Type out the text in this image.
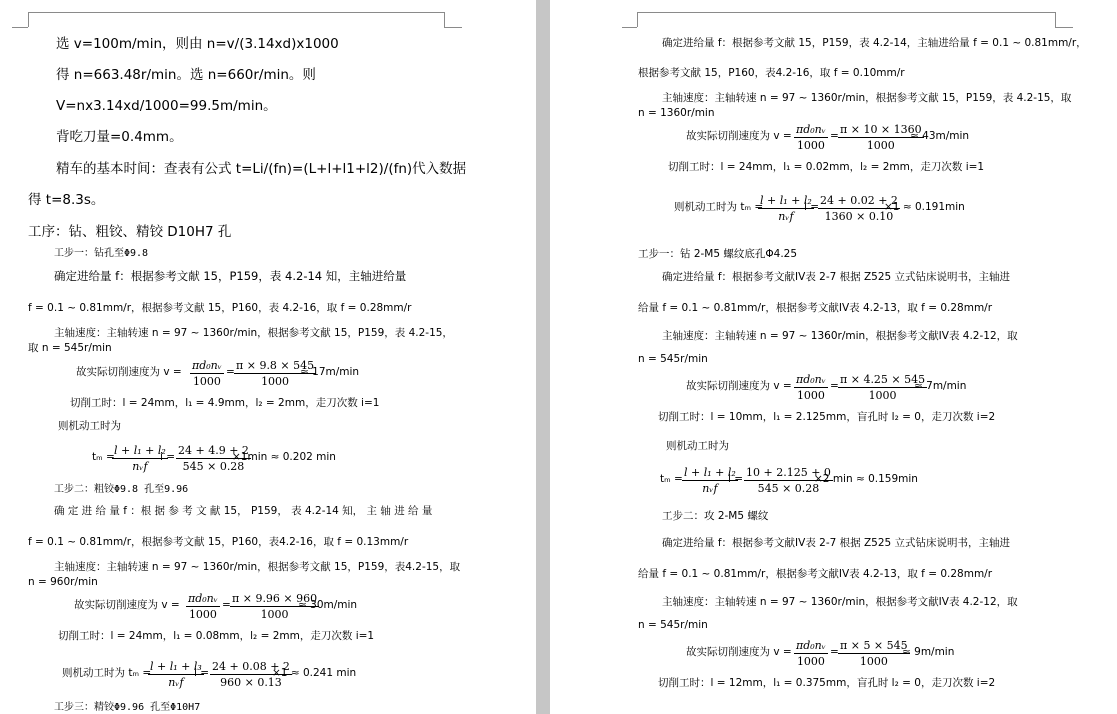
选 v=100m/min，则由 n=v/(3.14xd)x1000
得 n=663.48r/min。选 n=660r/min。则
V=nx3.14xd/1000=99.5m/min。
背吃刀量=0.4mm。
精车的基本时间：查表有公式 t=Li/(fn)=(L+l+l1+l2)/(fn)代入数据
得 t=8.3s。
工序：钻、粗铰、精铰 D10H7 孔
工步一：钻孔至Φ9.8
确定进给量 f：根据参考文献 15，P159，表 4.2-14 知，主轴进给量
f = 0.1 ~ 0.81mm/r，根据参考文献 15，P160，表 4.2-16，取 f = 0.28mm/r
主轴速度：主轴转速 n = 97 ~ 1360r/min，根据参考文献 15，P159，表 4.2-15，
取 n = 545r/min
故实际切削速度为 $v = \frac{\text{πd₀nᵥ}}{1000} = \frac{\pi \times 9.8 \times 545}{1000}$
≈ 17m/min
切削工时：l = 24mm，l₁ = 4.9mm，l₂ = 2mm，走刀次数 i=1
则机动工时为
tₘ = l + l₁ + l₂
nᵥf
$i = \frac{24 + 4.9 + 2}{545 \times 0.28}$
×1min ≈ 0.202 min
工步二：粗铰Φ9.8 孔至9.96
确 定 进 给 量 f ：根 据 参 考 文 献 15， P159， 表 4.2-14 知， 主 轴 进 给 量
f = 0.1 ~ 0.81mm/r，根据参考文献 15，P160，表4.2-16，取 f = 0.13mm/r
主轴速度：主轴转速 n = 97 ~ 1360r/min，根据参考文献 15，P159，表4.2-15，取
n = 960r/min
故实际切削速度为 $v = \frac{\text{πd₀nᵥ}}{1000} = \frac{\pi \times 9.96 \times 960}{1000}$
≈ 30m/min
切削工时：l = 24mm，l₁ = 0.08mm，l₂ = 2mm，走刀次数 i=1
则机动工时为 tₘ =
l + l₁ + l₃
nᵥf
$i = \frac{24 + 0.08 + 2}{960 \times 0.13}$
×1 ≈ 0.241 min
工步三：精铰Φ9.96 孔至Φ10H7
确定进给量 f：根据参考文献 15，P159，表 4.2-14，主轴进给量 f = 0.1 ~ 0.81mm/r，
根据参考文献 15，P160，表4.2-16，取 f = 0.10mm/r
主轴速度：主轴转速 n = 97 ~ 1360r/min，根据参考文献 15，P159，表 4.2-15，取
n = 1360r/min
故实际切削速度为 $v = \frac{\text{πd₀nᵥ}}{1000} = \frac{\pi \times 10 \times 1360}{1000}$
≈ 43m/min
切削工时：l = 24mm，l₁ = 0.02mm，l₂ = 2mm，走刀次数 i=1
则机动工时为 tₘ =
l + l₁ + l₂
nᵥf
i =
$\frac{24 + 0.02 + 2}{1360 \times 0.10}$
×1 ≈ 0.191min
工步一：钻 2-M5 螺纹底孔Φ4.25
确定进给量 f：根据参考文献IV表 2-7 根据 Z525 立式钻床说明书，主轴进
给量 f = 0.1 ~ 0.81mm/r，根据参考文献IV表 4.2-13，取 f = 0.28mm/r
主轴速度：主轴转速 n = 97 ~ 1360r/min，根据参考文献IV表 4.2-12，取
n = 545r/min
故实际切削速度为 $v = \frac{\text{πd₀nᵥ}}{1000} = \frac{\pi \times 4.25 \times 545}{1000}$
≈ 7m/min
切削工时：l = 10mm，l₁ = 2.125mm，盲孔时 l₂ = 0，走刀次数 i=2
则机动工时为
tₘ = l + l₁ + l₂
nᵥf
$i = \frac{10 + 2.125 + 0}{545 \times 0.28}$
×2 min ≈ 0.159min
工步二：攻 2-M5 螺纹
确定进给量 f：根据参考文献IV表 2-7 根据 Z525 立式钻床说明书，主轴进
给量 f = 0.1 ~ 0.81mm/r，根据参考文献IV表 4.2-13，取 f = 0.28mm/r
主轴速度：主轴转速 n = 97 ~ 1360r/min，根据参考文献IV表 4.2-12，取
n = 545r/min
故实际切削速度为 $v = \frac{\text{πd₀nᵥ}}{1000} = \frac{\pi \times 5 \times 545}{1000}$
≈ 9m/min
切削工时：l = 12mm，l₁ = 0.375mm，盲孔时 l₂ = 0，走刀次数 i=2
